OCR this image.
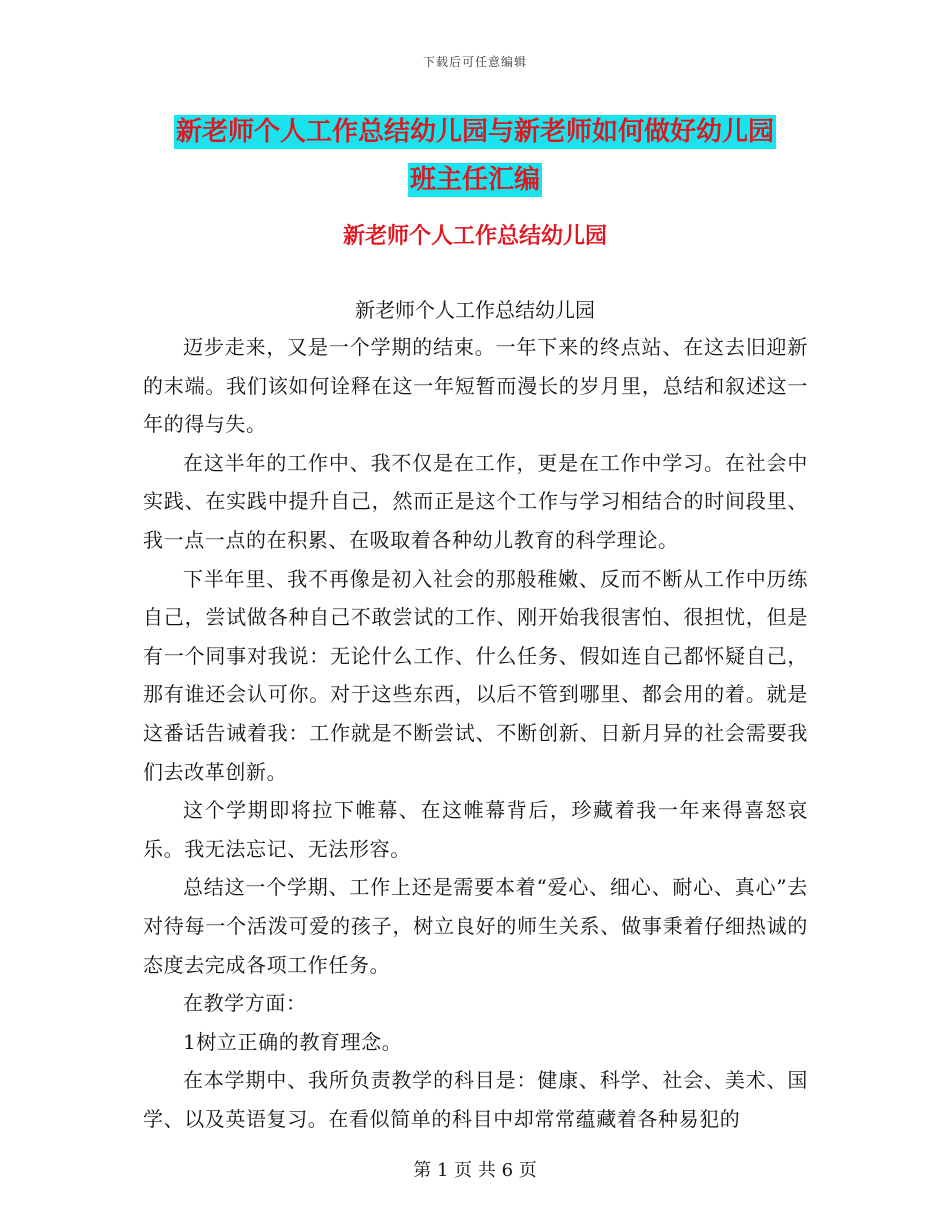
下载后可任意编辑
新老师个人工作总结幼儿园与新老师如何做好幼儿园
班主任汇编
新老师个人工作总结幼儿园
新老师个人工作总结幼儿园

迈步走来，又是一个学期的结束。一年下来的终点站、在这去旧迎新的末端。我们该如何诠释在这一年短暂而漫长的岁月里，总结和叙述这一年的得与失。

在这半年的工作中、我不仅是在工作，更是在工作中学习。在社会中实践、在实践中提升自己，然而正是这个工作与学习相结合的时间段里、我一点一点的在积累、在吸取着各种幼儿教育的科学理论。

下半年里、我不再像是初入社会的那般稚嫩、反而不断从工作中历练自己，尝试做各种自己不敢尝试的工作、刚开始我很害怕、很担忧，但是有一个同事对我说：无论什么工作、什么任务、假如连自己都怀疑自己，那有谁还会认可你。对于这些东西，以后不管到哪里、都会用的着。就是这番话告诫着我：工作就是不断尝试、不断创新、日新月异的社会需要我们去改革创新。

这个学期即将拉下帷幕、在这帷幕背后，珍藏着我一年来得喜怒哀乐。我无法忘记、无法形容。

总结这一个学期、工作上还是需要本着“爱心、细心、耐心、真心”去对待每一个活泼可爱的孩子，树立良好的师生关系、做事秉着仔细热诚的态度去完成各项工作任务。

在教学方面：

1树立正确的教育理念。

在本学期中、我所负责教学的科目是：健康、科学、社会、美术、国学、以及英语复习。在看似简单的科目中却常常蕴藏着各种易犯的

第 1 页 共 6 页
